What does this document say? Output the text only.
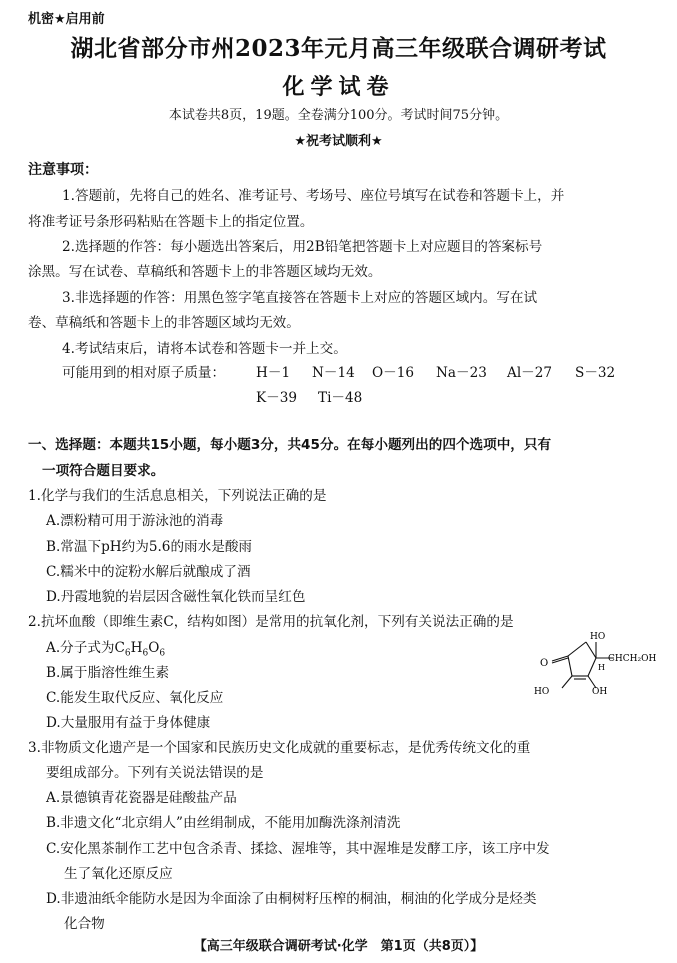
机密★启用前
湖北省部分市州2023年元月高三年级联合调研考试
化学试卷
本试卷共8页，19题。全卷满分100分。考试时间75分钟。
★祝考试顺利★
注意事项：
1.答题前，先将自己的姓名、准考证号、考场号、座位号填写在试卷和答题卡上，并
将准考证号条形码粘贴在答题卡上的指定位置。
2.选择题的作答：每小题选出答案后，用2B铅笔把答题卡上对应题目的答案标号
涂黑。写在试卷、草稿纸和答题卡上的非答题区域均无效。
3.非选择题的作答：用黑色签字笔直接答在答题卡上对应的答题区域内。写在试
卷、草稿纸和答题卡上的非答题区域均无效。
4.考试结束后，请将本试卷和答题卡一并上交。
可能用到的相对原子质量： H－1 N－14 O－16 Na－23 Al－27 S－32
K－39 Ti－48
一、选择题：本题共15小题，每小题3分，共45分。在每小题列出的四个选项中，只有
一项符合题目要求。
1.化学与我们的生活息息相关，下列说法正确的是
A.漂粉精可用于游泳池的消毒
B.常温下pH约为5.6的雨水是酸雨
C.糯米中的淀粉水解后就酿成了酒
D.丹霞地貌的岩层因含磁性氧化铁而呈红色
2.抗坏血酸（即维生素C，结构如图）是常用的抗氧化剂，下列有关说法正确的是
A.分子式为$C_6H_6O_6$
B.属于脂溶性维生素
C.能发生取代反应、氧化反应
D.大量服用有益于身体健康
HO
CHCH₂OH
H
O
HO	OH
3.非物质文化遗产是一个国家和民族历史文化成就的重要标志，是优秀传统文化的重
要组成部分。下列有关说法错误的是
A.景德镇青花瓷器是硅酸盐产品
B.非遗文化“北京绢人”由丝绢制成，不能用加酶洗涤剂清洗
C.安化黑茶制作工艺中包含杀青、揉捻、渥堆等，其中渥堆是发酵工序，该工序中发
生了氧化还原反应
D.非遗油纸伞能防水是因为伞面涂了由桐树籽压榨的桐油，桐油的化学成分是烃类
化合物
【高三年级联合调研考试·化学　第1页（共8页）】
